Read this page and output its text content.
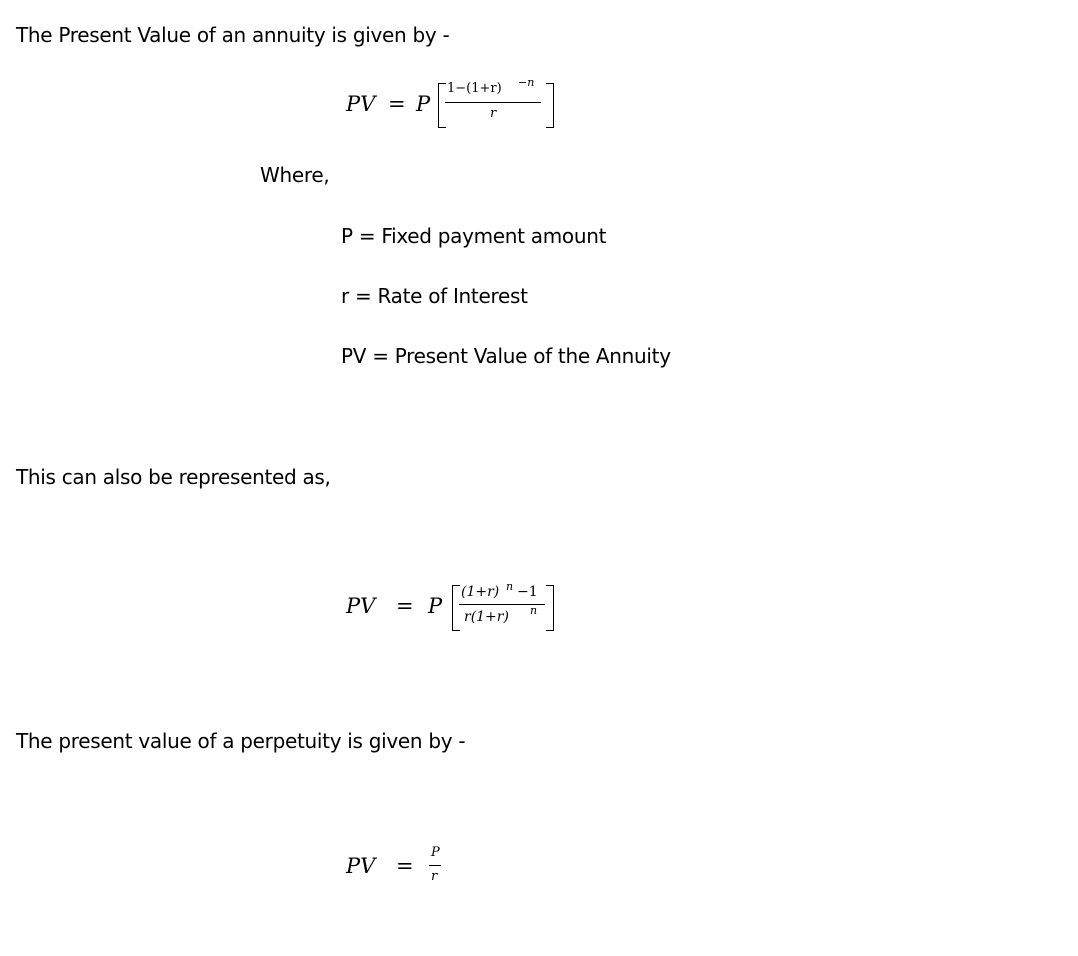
The Present Value of an annuity is given by -
PV = P
1−(1+r) −n
r
Where,
P = Fixed payment amount
r = Rate of Interest
PV = Present Value of the Annuity
This can also be represented as,
PV = P
(1+r) n −1
r(1+r) n
The present value of a perpetuity is given by -
PV =
P
r
